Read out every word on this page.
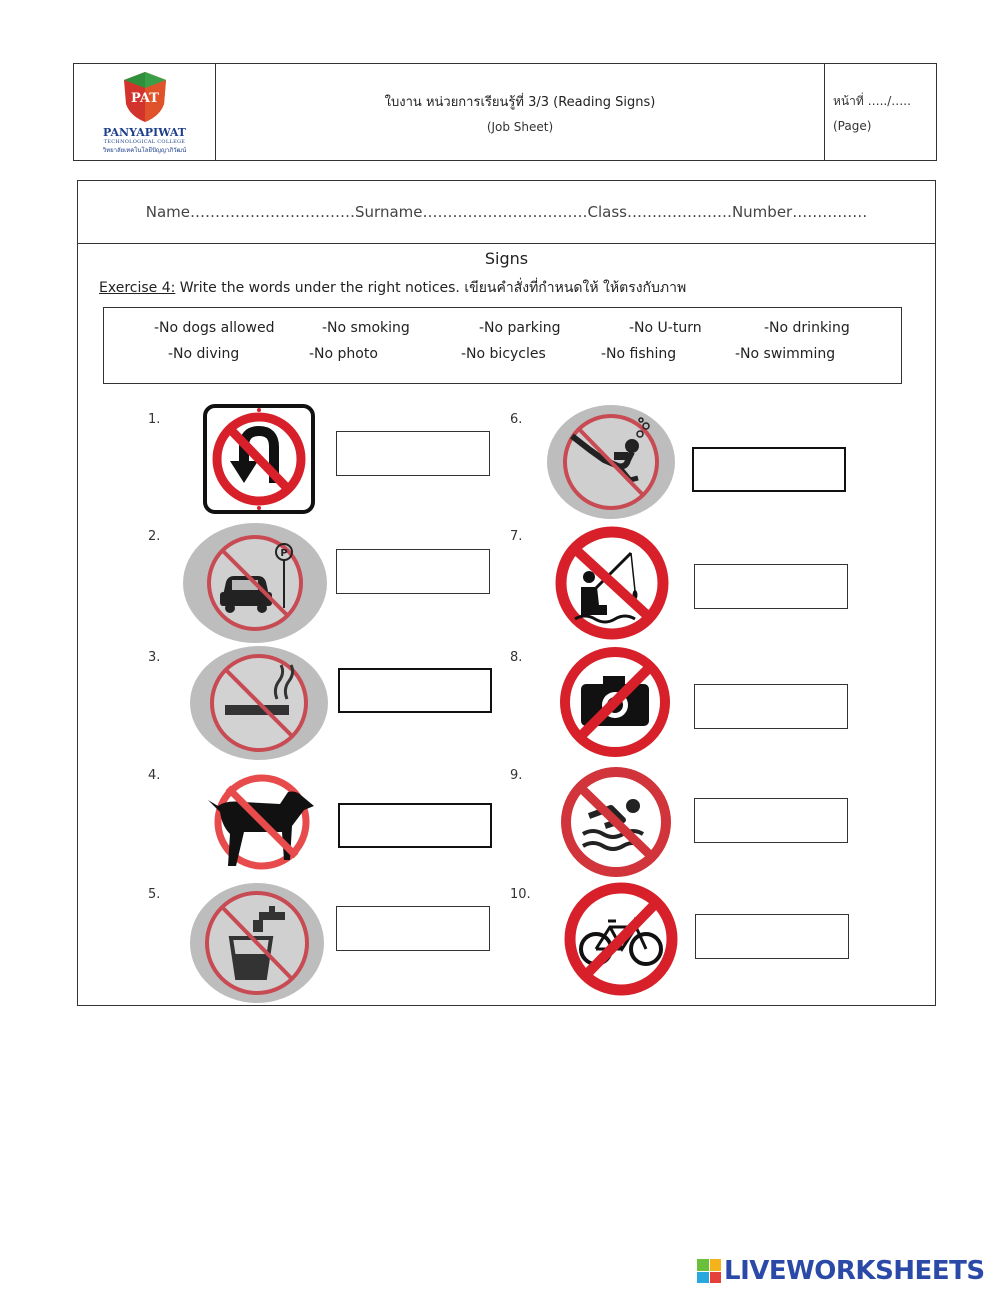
PAT
PANYAPIWAT
TECHNOLOGICAL COLLEGE
วิทยาลัยเทคโนโลยีปัญญาภิวัฒน์
ใบงาน หน่วยการเรียนรู้ที่ 3/3 (Reading Signs)
(Job Sheet)
หน้าที่ …../…..
(Page)
Name……………………………Surname……………………………Class…………………Number……………
Signs
Exercise 4: Write the words under the right notices. เขียนคำสั่งที่กำหนดให้ ให้ตรงกับภาพ
-No dogs allowed	-No smoking	-No parking	-No U-turn	-No drinking
-No diving	-No photo	-No bicycles	-No fishing	-No swimming
1.
2.
3.
4.
5.
6.
7.
8.
9.
10.
P
LIVEWORKSHEETS
